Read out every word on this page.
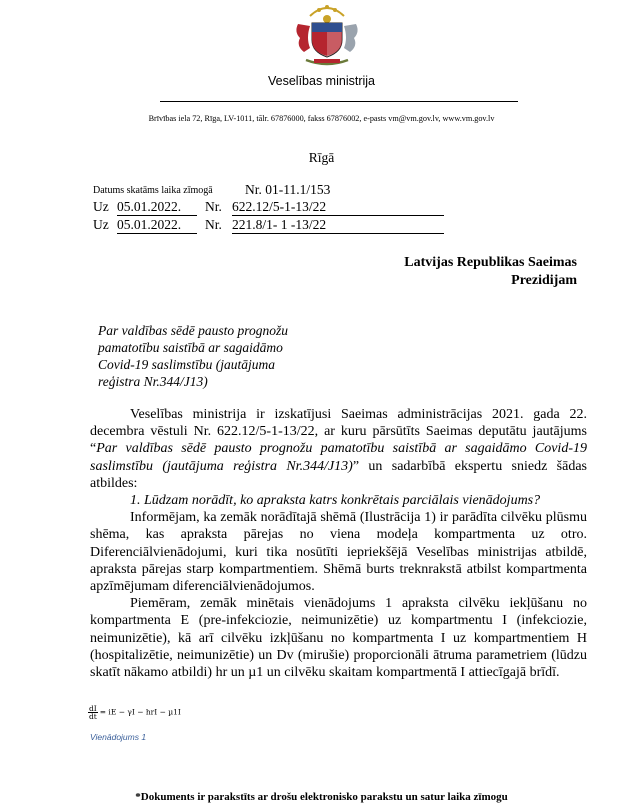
Veselības ministrija
Brīvības iela 72, Rīga, LV-1011, tālr. 67876000, fakss 67876002, e-pasts vm@vm.gov.lv, www.vm.gov.lv
Rīgā
Datums skatāms laika zīmogā Nr. 01-11.1/153
Uz 05.01.2022.	Nr. 622.12/5-1-13/22
Uz 05.01.2022.	Nr. 221.8/1- 1 -13/22
Latvijas Republikas Saeimas
Prezidijam
Par valdības sēdē pausto prognožu pamatotību saistībā ar sagaidāmo Covid-19 saslimstību (jautājuma reģistra Nr.344/J13)

Veselības ministrija ir izskatījusi Saeimas administrācijas 2021. gada 22. decembra vēstuli Nr. 622.12/5-1-13/22, ar kuru pārsūtīts Saeimas deputātu jautājums “Par valdības sēdē pausto prognožu pamatotību saistībā ar sagaidāmo Covid-19 saslimstību (jautājuma reģistra Nr.344/J13)” un sadarbībā ekspertu sniedz šādas atbildes:

1. Lūdzam norādīt, ko apraksta katrs konkrētais parciālais vienādojums?

Informējam, ka zemāk norādītajā shēmā (Ilustrācija 1) ir parādīta cilvēku plūsmu shēma, kas apraksta pārejas no viena modeļa kompartmenta uz otro. Diferenciālvienādojumi, kuri tika nosūtīti iepriekšējā Veselības ministrijas atbildē, apraksta pārejas starp kompartmentiem. Shēmā burts treknrakstā atbilst kompartmenta apzīmējumam diferenciālvienādojumos.

Piemēram, zemāk minētais vienādojums 1 apraksta cilvēku iekļūšanu no kompartmenta E (pre-infekciozie, neimunizētie) uz kompartmentu I (infekciozie, neimunizētie), kā arī cilvēku izkļūšanu no kompartmenta I uz kompartmentiem H (hospitalizētie, neimunizētie) un Dv (mirušie) proporcionāli ātruma parametriem (lūdzu skatīt nākamo atbildi) hr un µ1 un cilvēku skaitam kompartmentā I attiecīgajā brīdī.

$\frac{dI}{dt}$ = iE − γI − hrI − µ1I
Vienādojums 1
*Dokuments ir parakstīts ar drošu elektronisko parakstu un satur laika zīmogu
